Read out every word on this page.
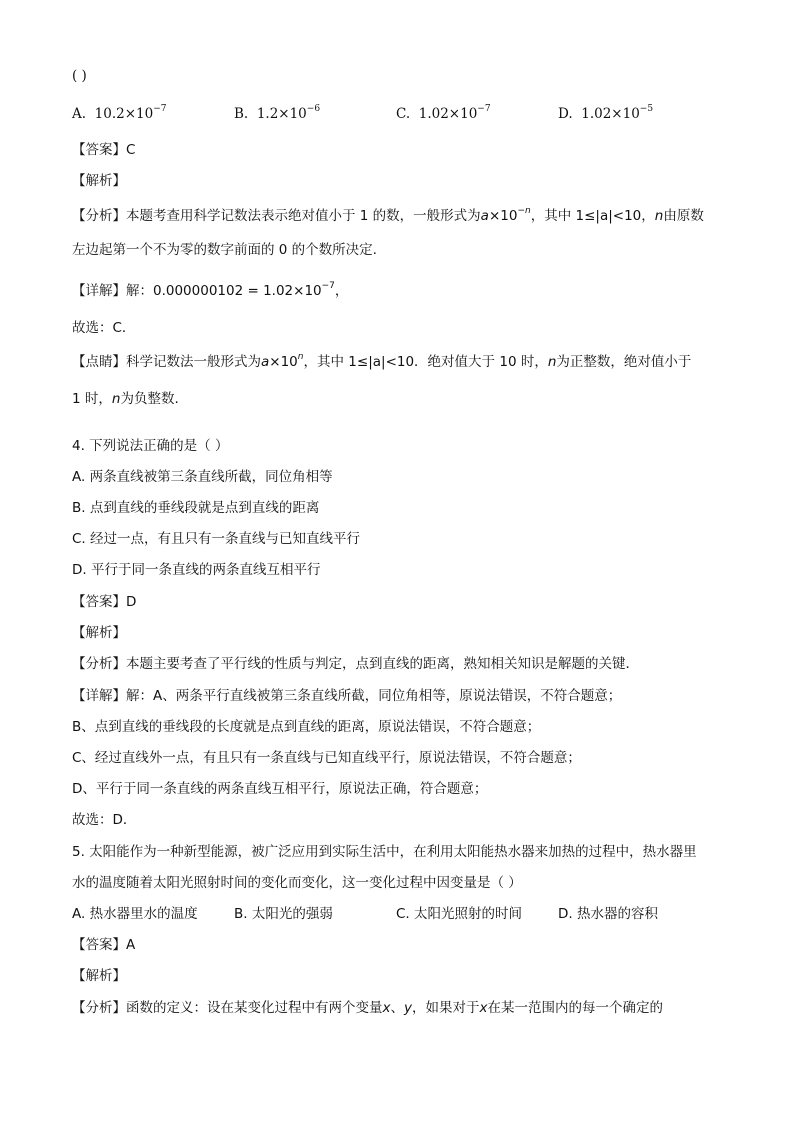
( )
A. $10.2\times 10^{-7}$	B. $1.2\times 10^{-6}$	C. $1.02\times 10^{-7}$	D. $1.02\times 10^{-5}$
【答案】C
【解析】
【分析】本题考查用科学记数法表示绝对值小于 1 的数，一般形式为$a\times 10^{-n}$，其中 1≤|a|<10，n由原数
左边起第一个不为零的数字前面的 0 的个数所决定.
【详解】解：$0.000000102 = 1.02\times 10^{-7}$，
故选：C．
【点睛】科学记数法一般形式为$a\times 10^n$，其中 1≤|a|<10．绝对值大于 10 时，n为正整数，绝对值小于
1 时，n为负整数.
4. 下列说法正确的是（ ）
A. 两条直线被第三条直线所截，同位角相等
B. 点到直线的垂线段就是点到直线的距离
C. 经过一点，有且只有一条直线与已知直线平行
D. 平行于同一条直线的两条直线互相平行
【答案】D
【解析】
【分析】本题主要考查了平行线的性质与判定，点到直线的距离，熟知相关知识是解题的关键．
【详解】解：A、两条平行直线被第三条直线所截，同位角相等，原说法错误，不符合题意；
B、点到直线的垂线段的长度就是点到直线的距离，原说法错误，不符合题意；
C、经过直线外一点，有且只有一条直线与已知直线平行，原说法错误，不符合题意；
D、平行于同一条直线的两条直线互相平行，原说法正确，符合题意；
故选：D．
5. 太阳能作为一种新型能源，被广泛应用到实际生活中，在利用太阳能热水器来加热的过程中，热水器里
水的温度随着太阳光照射时间的变化而变化，这一变化过程中因变量是（ ）
A. 热水器里水的温度	B. 太阳光的强弱	C. 太阳光照射的时间	D. 热水器的容积
【答案】A
【解析】
【分析】函数的定义：设在某变化过程中有两个变量x、y，如果对于x在某一范围内的每一个确定的
